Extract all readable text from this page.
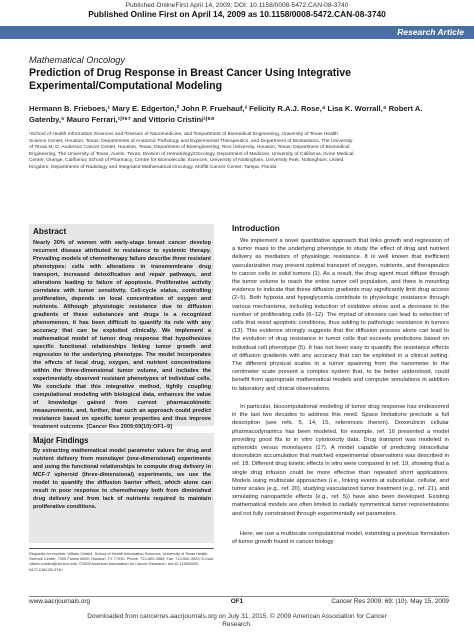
Published OnlineFirst April 14, 2009; DOI: 10.1158/0008-5472.CAN-08-3740
Published Online First on April 14, 2009 as 10.1158/0008-5472.CAN-08-3740
Research Article
Mathematical Oncology
Prediction of Drug Response in Breast Cancer Using Integrative Experimental/Computational Modeling
Hermann B. Frieboes,¹ Mary E. Edgerton,² John P. Fruehauf,³ Felicity R.A.J. Rose,⁴ Lisa K. Worrall,⁴ Robert A. Gatenby,⁵ Mauro Ferrari,¹ʲ³⁶⁷ and Vittorio Cristini¹ʲ⁶⁸
¹School of Health Information Sciences and ²Division of Nanomedicine, and ³Department of Biomedical Engineering, University of Texas Health Science Center, Houston, Texas; Departments of Anatomic Pathology and Experimental Therapeutics, and Department of Biostatistics, The University of Texas M. D. Anderson Cancer Center, Houston, Texas; Department of Bioengineering, Rice University, Houston, Texas; Department of Biomedical Engineering, The University of Texas, Austin, Texas; Division of Hematology/Oncology, Department of Medicine, University of California, Irvine Medical Center, Orange, California; School of Pharmacy, Centre for Biomolecular Sciences, University of Nottingham, University Park, Nottingham, United Kingdom; Departments of Radiology and Integrated Mathematical Oncology, Moffitt Cancer Center, Tampa, Florida
Abstract
Nearly 30% of women with early-stage breast cancer develop recurrent disease attributed to resistance to systemic therapy. Prevailing models of chemotherapy failure describe three resistant phenotypes: cells with alterations in transmembrane drug transport, increased detoxification and repair pathways, and alterations leading to failure of apoptosis. Proliferative activity correlates with tumor sensitivity. Cell-cycle status, controlling proliferation, depends on local concentration of oxygen and nutrients. Although physiologic resistance due to diffusion gradients of these substances and drugs is a recognized phenomenon, it has been difficult to quantify its role with any accuracy that can be exploited clinically. We implement a mathematical model of tumor drug response that hypothesizes specific functional relationships linking tumor growth and regression to the underlying phenotype. The model incorporates the effects of local drug, oxygen, and nutrient concentrations within the three-dimensional tumor volume, and includes the experimentally observed resistant phenotypes of individual cells. We conclude that this integrative method, tightly coupling computational modeling with biological data, enhances the value of knowledge gained from current pharmacokinetic measurements, and, further, that such an approach could predict resistance based on specific tumor properties and thus improve treatment outcome. [Cancer Res 2009;69(10):OF1–9]
Major Findings
By extracting mathematical model parameter values for drug and nutrient delivery from monolayer (one-dimensional) experiments and using the functional relationships to compute drug delivery in MCF-7 spheroid (three-dimensional) experiments, we use the model to quantify the diffusion barrier effect, which alone can result in poor response to chemotherapy both from diminished drug delivery and from lack of nutrients required to maintain proliferative conditions.
Requests for reprints: Vittorio Cristini, School of Health Information Sciences, University of Texas Health Science Center, 7000 Fannin #600, Houston, TX 77030. Phone: 713-500-3965; Fax: 713-500-3929; E-mail: vittorio.cristini@uth.tmc.edu. ©2009 American Association for Cancer Research. doi:10.1158/0008-5472.CAN-08-3740
Introduction
We implement a novel quantitative approach that links growth and regression of a tumor mass to the underlying phenotype to study the effect of drug and nutrient delivery as mediators of physiologic resistance. It is well known that inefficient vascularization may prevent optimal transport of oxygen, nutrients, and therapeutics to cancer cells in solid tumors (1). As a result, the drug agent must diffuse through the tumor volume to reach the entire tumor cell population, and there is mounting evidence to indicate that these diffusion gradients may significantly limit drug access (2–5). Both hypoxia and hypoglycemia contribute to physiologic resistance through various mechanisms, including induction of oxidative stress and a decrease in the number of proliferating cells (6–12). The myriad of stresses can lead to selection of cells that resist apoptotic conditions, thus adding to pathologic resistance in tumors (13). This evidence strongly suggests that the diffusion process alone can lead to the evolution of drug resistance in tumor cells that exceeds predictions based on individual cell phenotype (5). It has not been easy to quantify the resistance effects of diffusion gradients with any accuracy that can be exploited in a clinical setting. The different physical scales in a tumor spanning from the nanometer to the centimeter scale present a complex system that, to be better understood, could benefit from appropriate mathematical models and computer simulations in addition to laboratory and clinical observations.
In particular, biocomputational modeling of tumor drug response has endeavored in the last two decades to address this need. Space limitations preclude a full description (see refs. 5, 14, 15, references therein). Doxorubicin cellular pharmacodynamics has been modeled, for example, ref. 16 presented a model providing good fits to in vitro cytotoxicity data. Drug transport was modeled in spheroids versus monolayers (17). A model capable of predicting intracellular doxorubicin accumulation that matched experimental observations was described in ref. 18. Different drug kinetic effects in vitro were compared in ref. 19, showing that a single drug infusion could be more effective than repeated short applications. Models using multiscale approaches (i.e., linking events at subcellular, cellular, and tumor scales (e.g., ref. 20), studying vascularized tumor treatment (e.g., ref. 21), and simulating nanoparticle effects (e.g., ref. 5)) have also been developed. Existing mathematical models are often limited to radially symmetrical tumor representations and not fully constrained through experimentally set parameters.
Here, we use a multiscale computational model, extending a previous formulation of tumor growth found in cancer biology
www.aacrjournals.org	OF1	Cancer Res 2009; 69: (10). May 15, 2009
Downloaded from cancerres.aacrjournals.org on July 31, 2015. © 2009 American Association for Cancer
Research.
